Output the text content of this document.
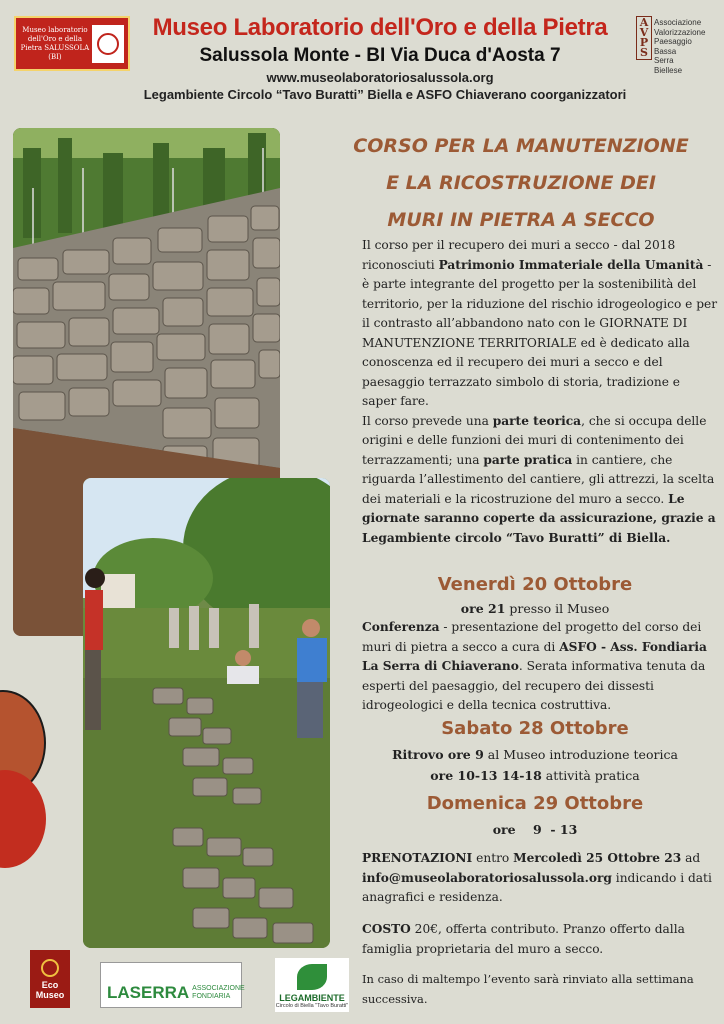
Museo laboratorio dell'Oro e della Pietra SALUSSOLA (BI)
Museo Laboratorio dell'Oro e della Pietra
Salussola Monte - BI Via Duca d'Aosta 7
www.museolaboratoriosalussola.org
Legambiente Circolo “Tavo Buratti” Biella e ASFO Chiaverano coorganizzatori
A
V
P
S
Associazione
Valorizzazione
Paesaggio
Bassa
Serra
Biellese
CORSO PER LA MANUTENZIONE
E LA RICOSTRUZIONE DEI
MURI IN PIETRA A SECCO
Il corso per il recupero dei muri a secco - dal 2018 riconosciuti Patrimonio Immateriale della Umanità - è parte integrante del progetto per la sostenibilità del territorio, per la riduzione del rischio idrogeologico e per il contrasto all’abbandono nato con le GIORNATE DI MANUTENZIONE TERRITORIALE ed è dedicato alla conoscenza ed il recupero dei muri a secco e del paesaggio terrazzato simbolo di storia, tradizione e saper fare.
Il corso prevede una parte teorica, che si occupa delle origini e delle funzioni dei muri di contenimento dei terrazzamenti; una parte pratica in cantiere, che riguarda l’allestimento del cantiere, gli attrezzi, la scelta dei materiali e la ricostruzione del muro a secco. Le giornate saranno coperte da assicurazione, grazie a Legambiente circolo “Tavo Buratti” di Biella.
Venerdì 20 Ottobre
ore 21 presso il Museo
Conferenza - presentazione del progetto del corso dei muri di pietra a secco a cura di ASFO - Ass. Fondiaria La Serra di Chiaverano. Serata informativa tenuta da esperti del paesaggio, del recupero dei dissesti idrogeologici e della tecnica costruttiva.
Sabato 28 Ottobre
Ritrovo ore 9 al Museo introduzione teorica
ore 10-13 14-18 attività pratica
Domenica 29 Ottobre
ore    9  - 13
PRENOTAZIONI entro Mercoledì 25 Ottobre 23 ad info@museolaboratoriosalussola.org indicando i dati anagrafici e residenza.
COSTO 20€, offerta contributo. Pranzo offerto dalla famiglia proprietaria del muro a secco.
In caso di maltempo l’evento sarà rinviato alla settimana successiva.
Eco
Museo	LASERRA ASSOCIAZIONE FONDIARIA	LEGAMBIENTE
Circolo di Biella "Tavo Buratti"
